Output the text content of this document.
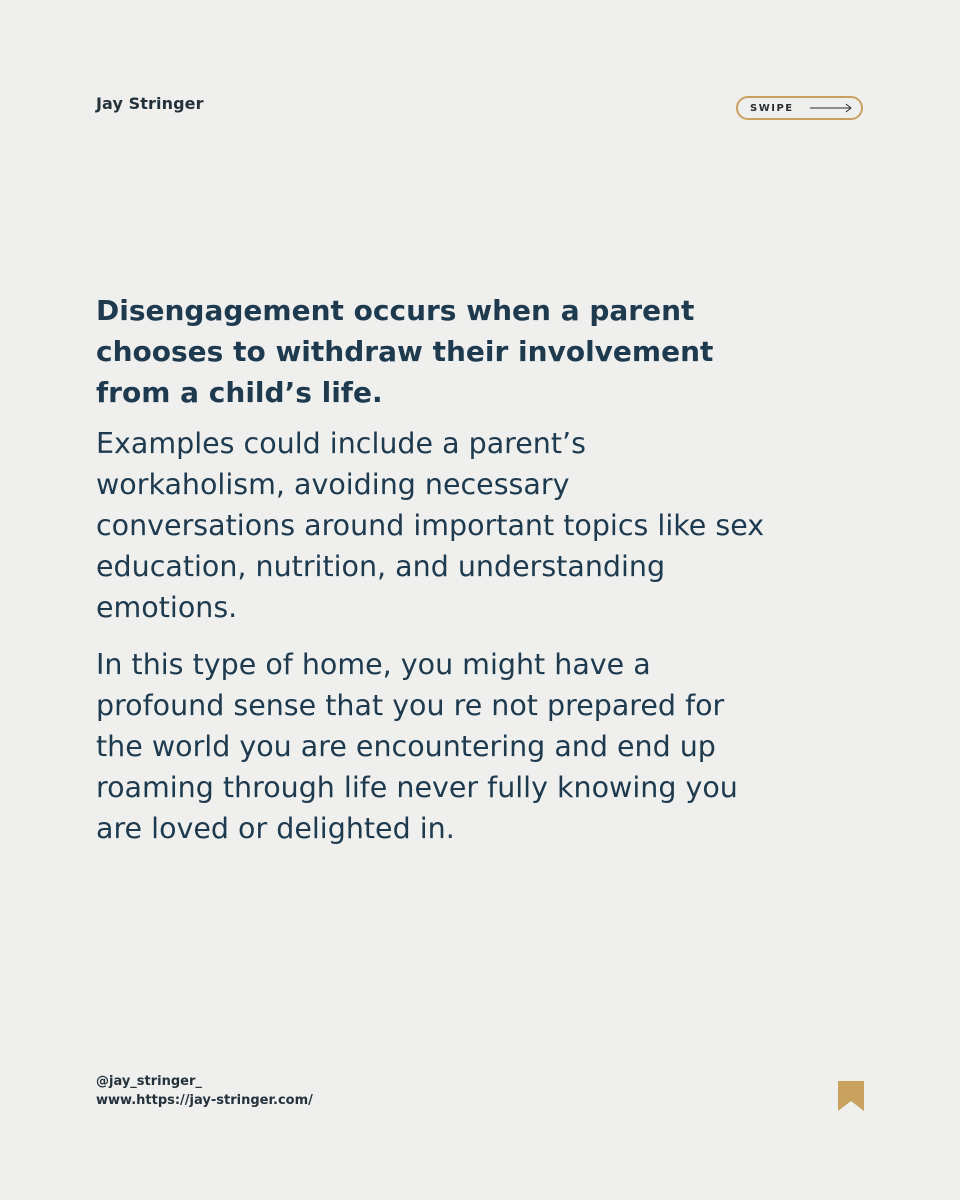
Jay Stringer	SWIPE

Disengagement occurs when a parent chooses to withdraw their involvement from a child’s life.

Examples could include a parent’s workaholism, avoiding necessary conversations around important topics like sex education, nutrition, and understanding emotions.

In this type of home, you might have a profound sense that you re not prepared for the world you are encountering and end up roaming through life never fully knowing you are loved or delighted in.

@jay_stringer_
www.https://jay-stringer.com/
